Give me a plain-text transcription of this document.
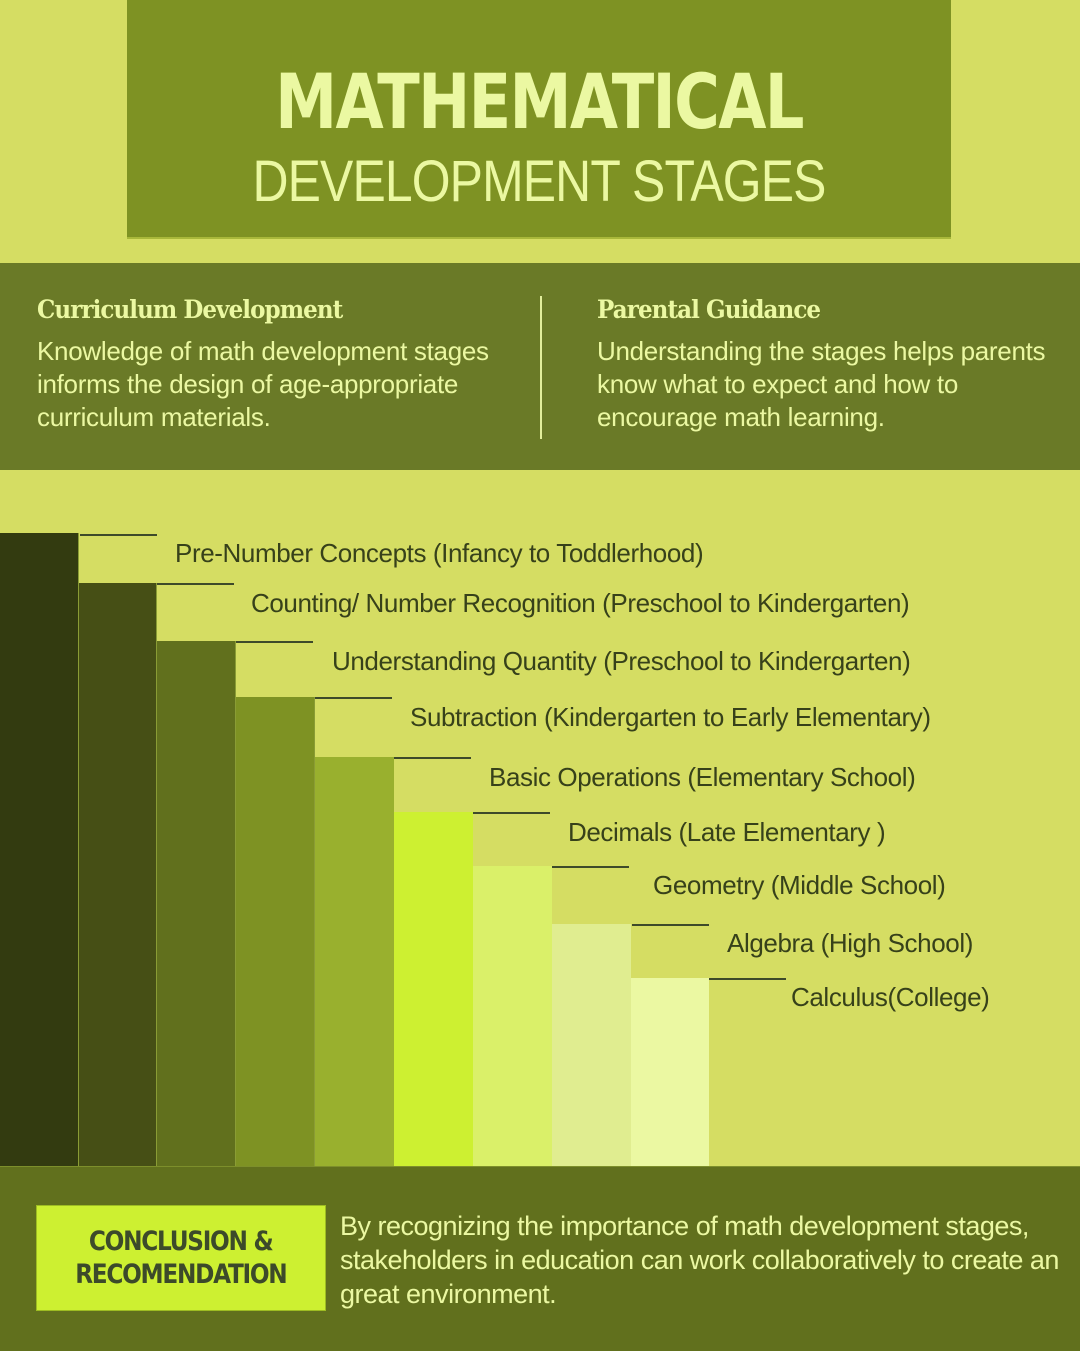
MATHEMATICAL
DEVELOPMENT STAGES
Curriculum Development
Knowledge of math development stages informs the design of age-appropriate curriculum materials.
Parental Guidance
Understanding the stages helps parents know what to expect and how to encourage math learning.
Pre-Number Concepts (Infancy to Toddlerhood)
Counting/ Number Recognition (Preschool to Kindergarten)
Understanding Quantity (Preschool to Kindergarten)
Subtraction (Kindergarten to Early Elementary)
Basic Operations (Elementary School)
Decimals (Late Elementary )
Geometry (Middle School)
Algebra (High School)
Calculus(College)
CONCLUSION &
RECOMENDATION
By recognizing the importance of math development stages, stakeholders in education can work collaboratively to create an great environment.
